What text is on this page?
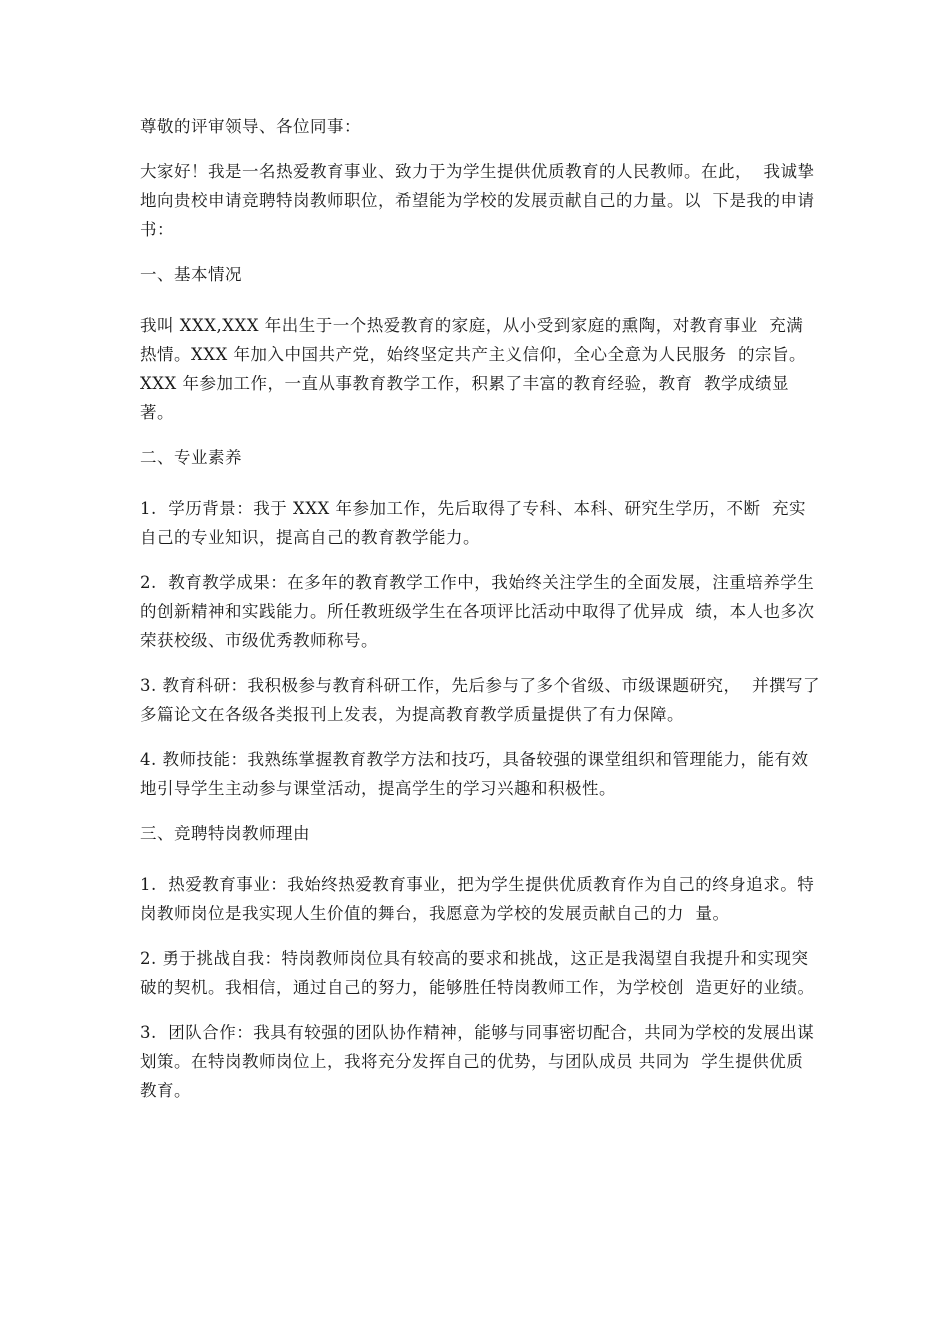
尊敬的评审领导、各位同事：

大家好！我是一名热爱教育事业、致力于为学生提供优质教育的人民教师。在此，  我诚挚地向贵校申请竞聘特岗教师职位，希望能为学校的发展贡献自己的力量。以  下是我的申请书：

一、基本情况

我叫 XXX,XXX 年出生于一个热爱教育的家庭，从小受到家庭的熏陶，对教育事业  充满热情。XXX 年加入中国共产党，始终坚定共产主义信仰，全心全意为人民服务  的宗旨。XXX 年参加工作，一直从事教育教学工作，积累了丰富的教育经验，教育  教学成绩显著。

二、专业素养

1.  学历背景：我于 XXX 年参加工作，先后取得了专科、本科、研究生学历，不断  充实自己的专业知识，提高自己的教育教学能力。

2.  教育教学成果：在多年的教育教学工作中，我始终关注学生的全面发展，注重培养学生的创新精神和实践能力。所任教班级学生在各项评比活动中取得了优异成  绩，本人也多次荣获校级、市级优秀教师称号。

3. 教育科研：我积极参与教育科研工作，先后参与了多个省级、市级课题研究，  并撰写了多篇论文在各级各类报刊上发表，为提高教育教学质量提供了有力保障。

4. 教师技能：我熟练掌握教育教学方法和技巧，具备较强的课堂组织和管理能力，能有效地引导学生主动参与课堂活动，提高学生的学习兴趣和积极性。

三、竞聘特岗教师理由

1.  热爱教育事业：我始终热爱教育事业，把为学生提供优质教育作为自己的终身追求。特岗教师岗位是我实现人生价值的舞台，我愿意为学校的发展贡献自己的力  量。

2. 勇于挑战自我：特岗教师岗位具有较高的要求和挑战，这正是我渴望自我提升和实现突破的契机。我相信，通过自己的努力，能够胜任特岗教师工作，为学校创  造更好的业绩。

3.  团队合作：我具有较强的团队协作精神，能够与同事密切配合，共同为学校的发展出谋划策。在特岗教师岗位上，我将充分发挥自己的优势，与团队成员 共同为  学生提供优质教育。
